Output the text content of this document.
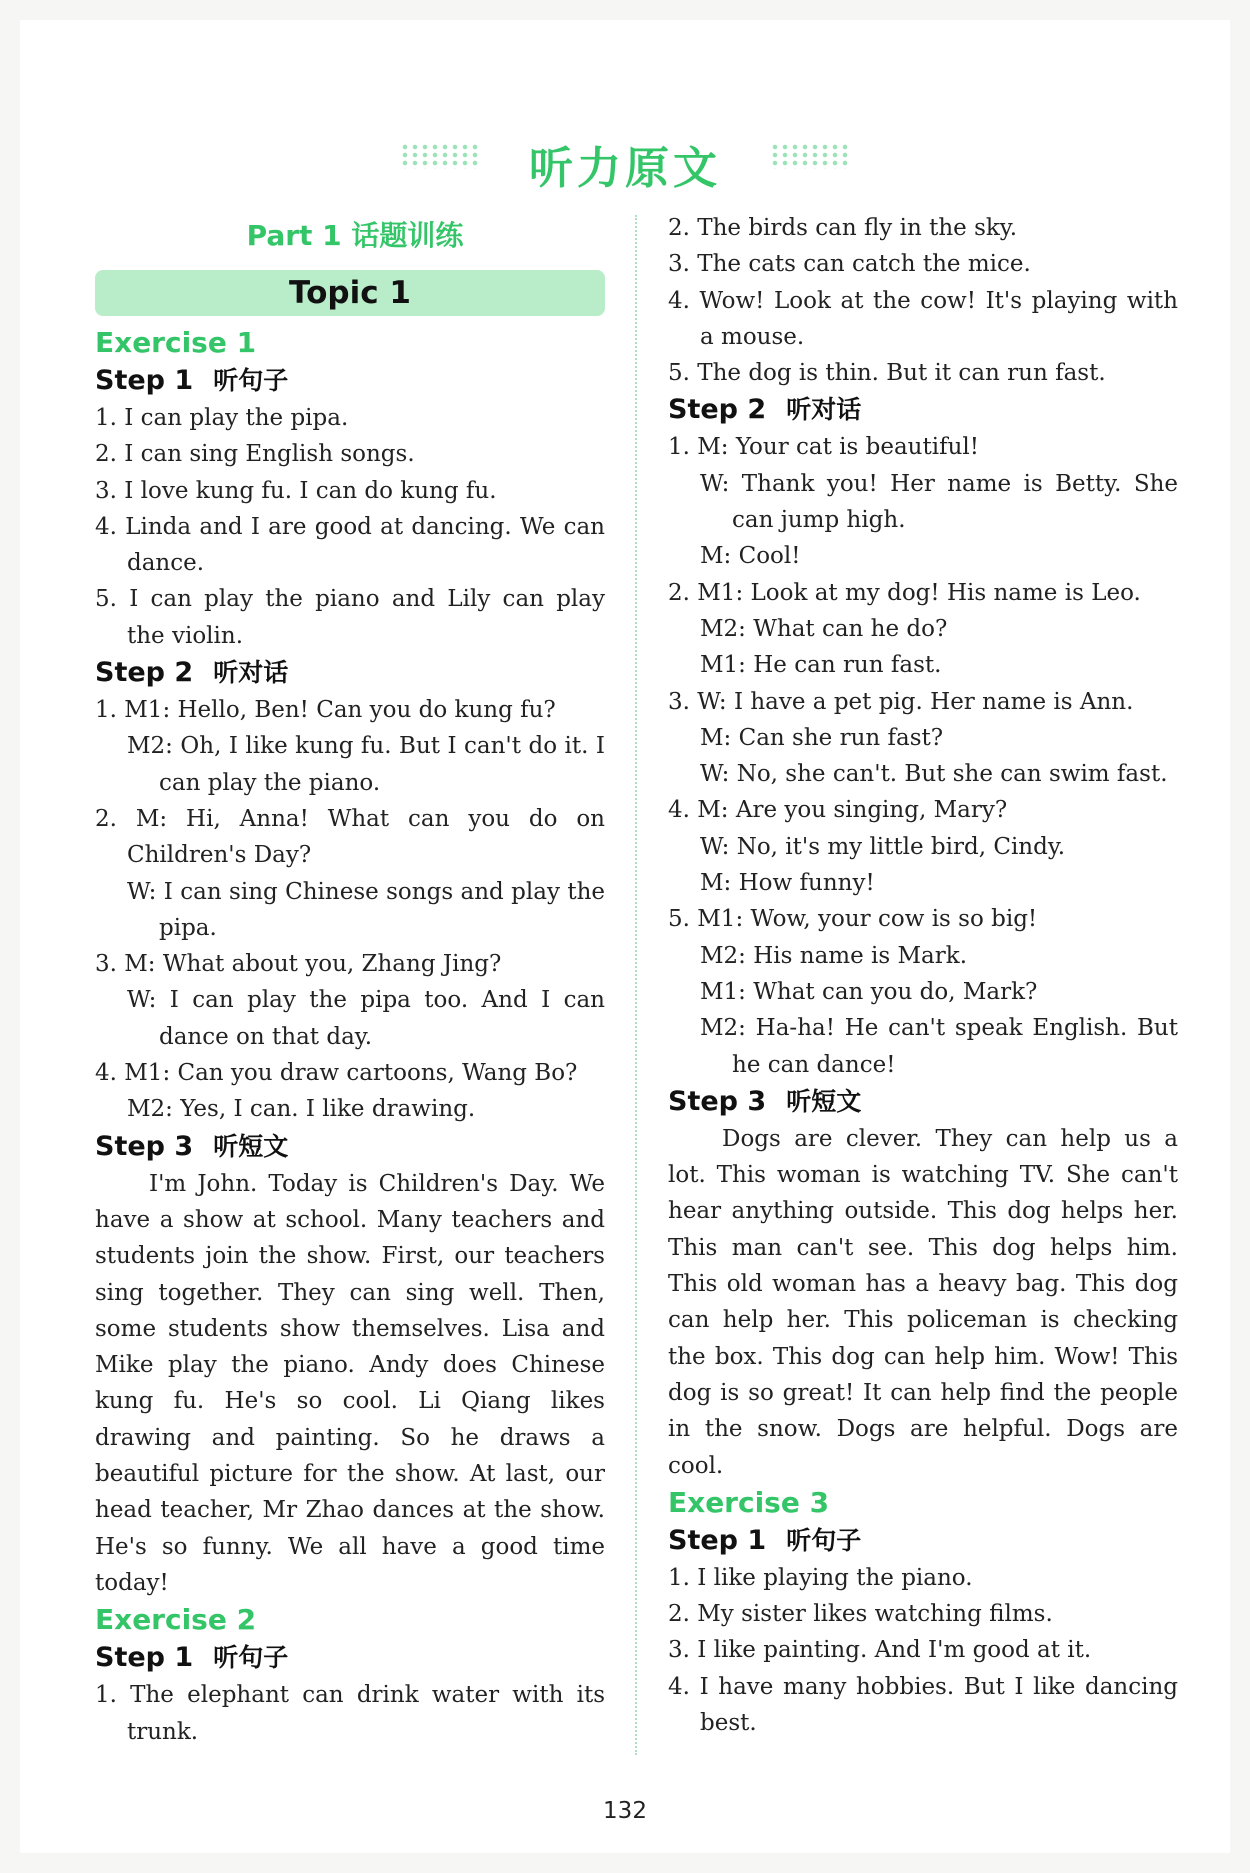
听力原文
Part 1 话题训练
Topic 1
Exercise 1
Step 1 听句子
1. I can play the pipa.
2. I can sing English songs.
3. I love kung fu. I can do kung fu.
4. Linda and I are good at dancing. We can dance.
5. I can play the piano and Lily can play the violin.
Step 2 听对话
1. M1: Hello, Ben! Can you do kung fu?
M2: Oh, I like kung fu. But I can't do it. I can play the piano.
2. M: Hi, Anna! What can you do on Children's Day?
W: I can sing Chinese songs and play the pipa.
3. M: What about you, Zhang Jing?
W: I can play the pipa too. And I can dance on that day.
4. M1: Can you draw cartoons, Wang Bo?
M2: Yes, I can. I like drawing.
Step 3 听短文
I'm John. Today is Children's Day. We have a show at school. Many teachers and students join the show. First, our teachers sing together. They can sing well. Then, some students show themselves. Lisa and Mike play the piano. Andy does Chinese kung fu. He's so cool. Li Qiang likes drawing and painting. So he draws a beautiful picture for the show. At last, our head teacher, Mr Zhao dances at the show. He's so funny. We all have a good time today!
Exercise 2
Step 1 听句子
1. The elephant can drink water with its trunk.
2. The birds can fly in the sky.
3. The cats can catch the mice.
4. Wow! Look at the cow! It's playing with a mouse.
5. The dog is thin. But it can run fast.
Step 2 听对话
1. M: Your cat is beautiful!
W: Thank you! Her name is Betty. She can jump high.
M: Cool!
2. M1: Look at my dog! His name is Leo.
M2: What can he do?
M1: He can run fast.
3. W: I have a pet pig. Her name is Ann.
M: Can she run fast?
W: No, she can't. But she can swim fast.
4. M: Are you singing, Mary?
W: No, it's my little bird, Cindy.
M: How funny!
5. M1: Wow, your cow is so big!
M2: His name is Mark.
M1: What can you do, Mark?
M2: Ha-ha! He can't speak English. But he can dance!
Step 3 听短文
Dogs are clever. They can help us a lot. This woman is watching TV. She can't hear anything outside. This dog helps her. This man can't see. This dog helps him. This old woman has a heavy bag. This dog can help her. This policeman is checking the box. This dog can help him. Wow! This dog is so great! It can help find the people in the snow. Dogs are helpful. Dogs are cool.
Exercise 3
Step 1 听句子
1. I like playing the piano.
2. My sister likes watching films.
3. I like painting. And I'm good at it.
4. I have many hobbies. But I like dancing best.
132
